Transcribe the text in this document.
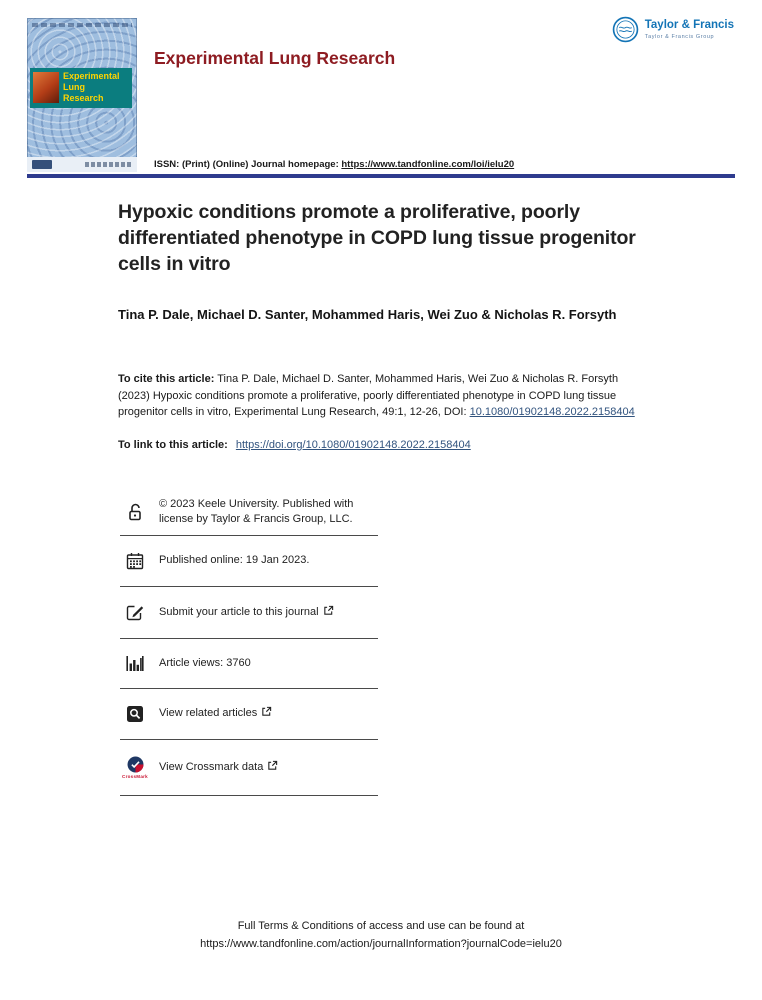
Experimental
Lung
Research
Experimental Lung Research

ISSN: (Print) (Online) Journal homepage: https://www.tandfonline.com/loi/ielu20

Taylor & Francis
Taylor & Francis Group
Hypoxic conditions promote a proliferative, poorly differentiated phenotype in COPD lung tissue progenitor cells in vitro

Tina P. Dale, Michael D. Santer, Mohammed Haris, Wei Zuo & Nicholas R. Forsyth

To cite this article: Tina P. Dale, Michael D. Santer, Mohammed Haris, Wei Zuo & Nicholas R. Forsyth (2023) Hypoxic conditions promote a proliferative, poorly differentiated phenotype in COPD lung tissue progenitor cells in vitro, Experimental Lung Research, 49:1, 12-26, DOI: 10.1080/01902148.2022.2158404

To link to this article: https://doi.org/10.1080/01902148.2022.2158404

© 2023 Keele University. Published with license by Taylor & Francis Group, LLC.
Published online: 19 Jan 2023.
Submit your article to this journal
Article views: 3760
View related articles
CrossMark
View Crossmark data
Full Terms & Conditions of access and use can be found at
https://www.tandfonline.com/action/journalInformation?journalCode=ielu20
